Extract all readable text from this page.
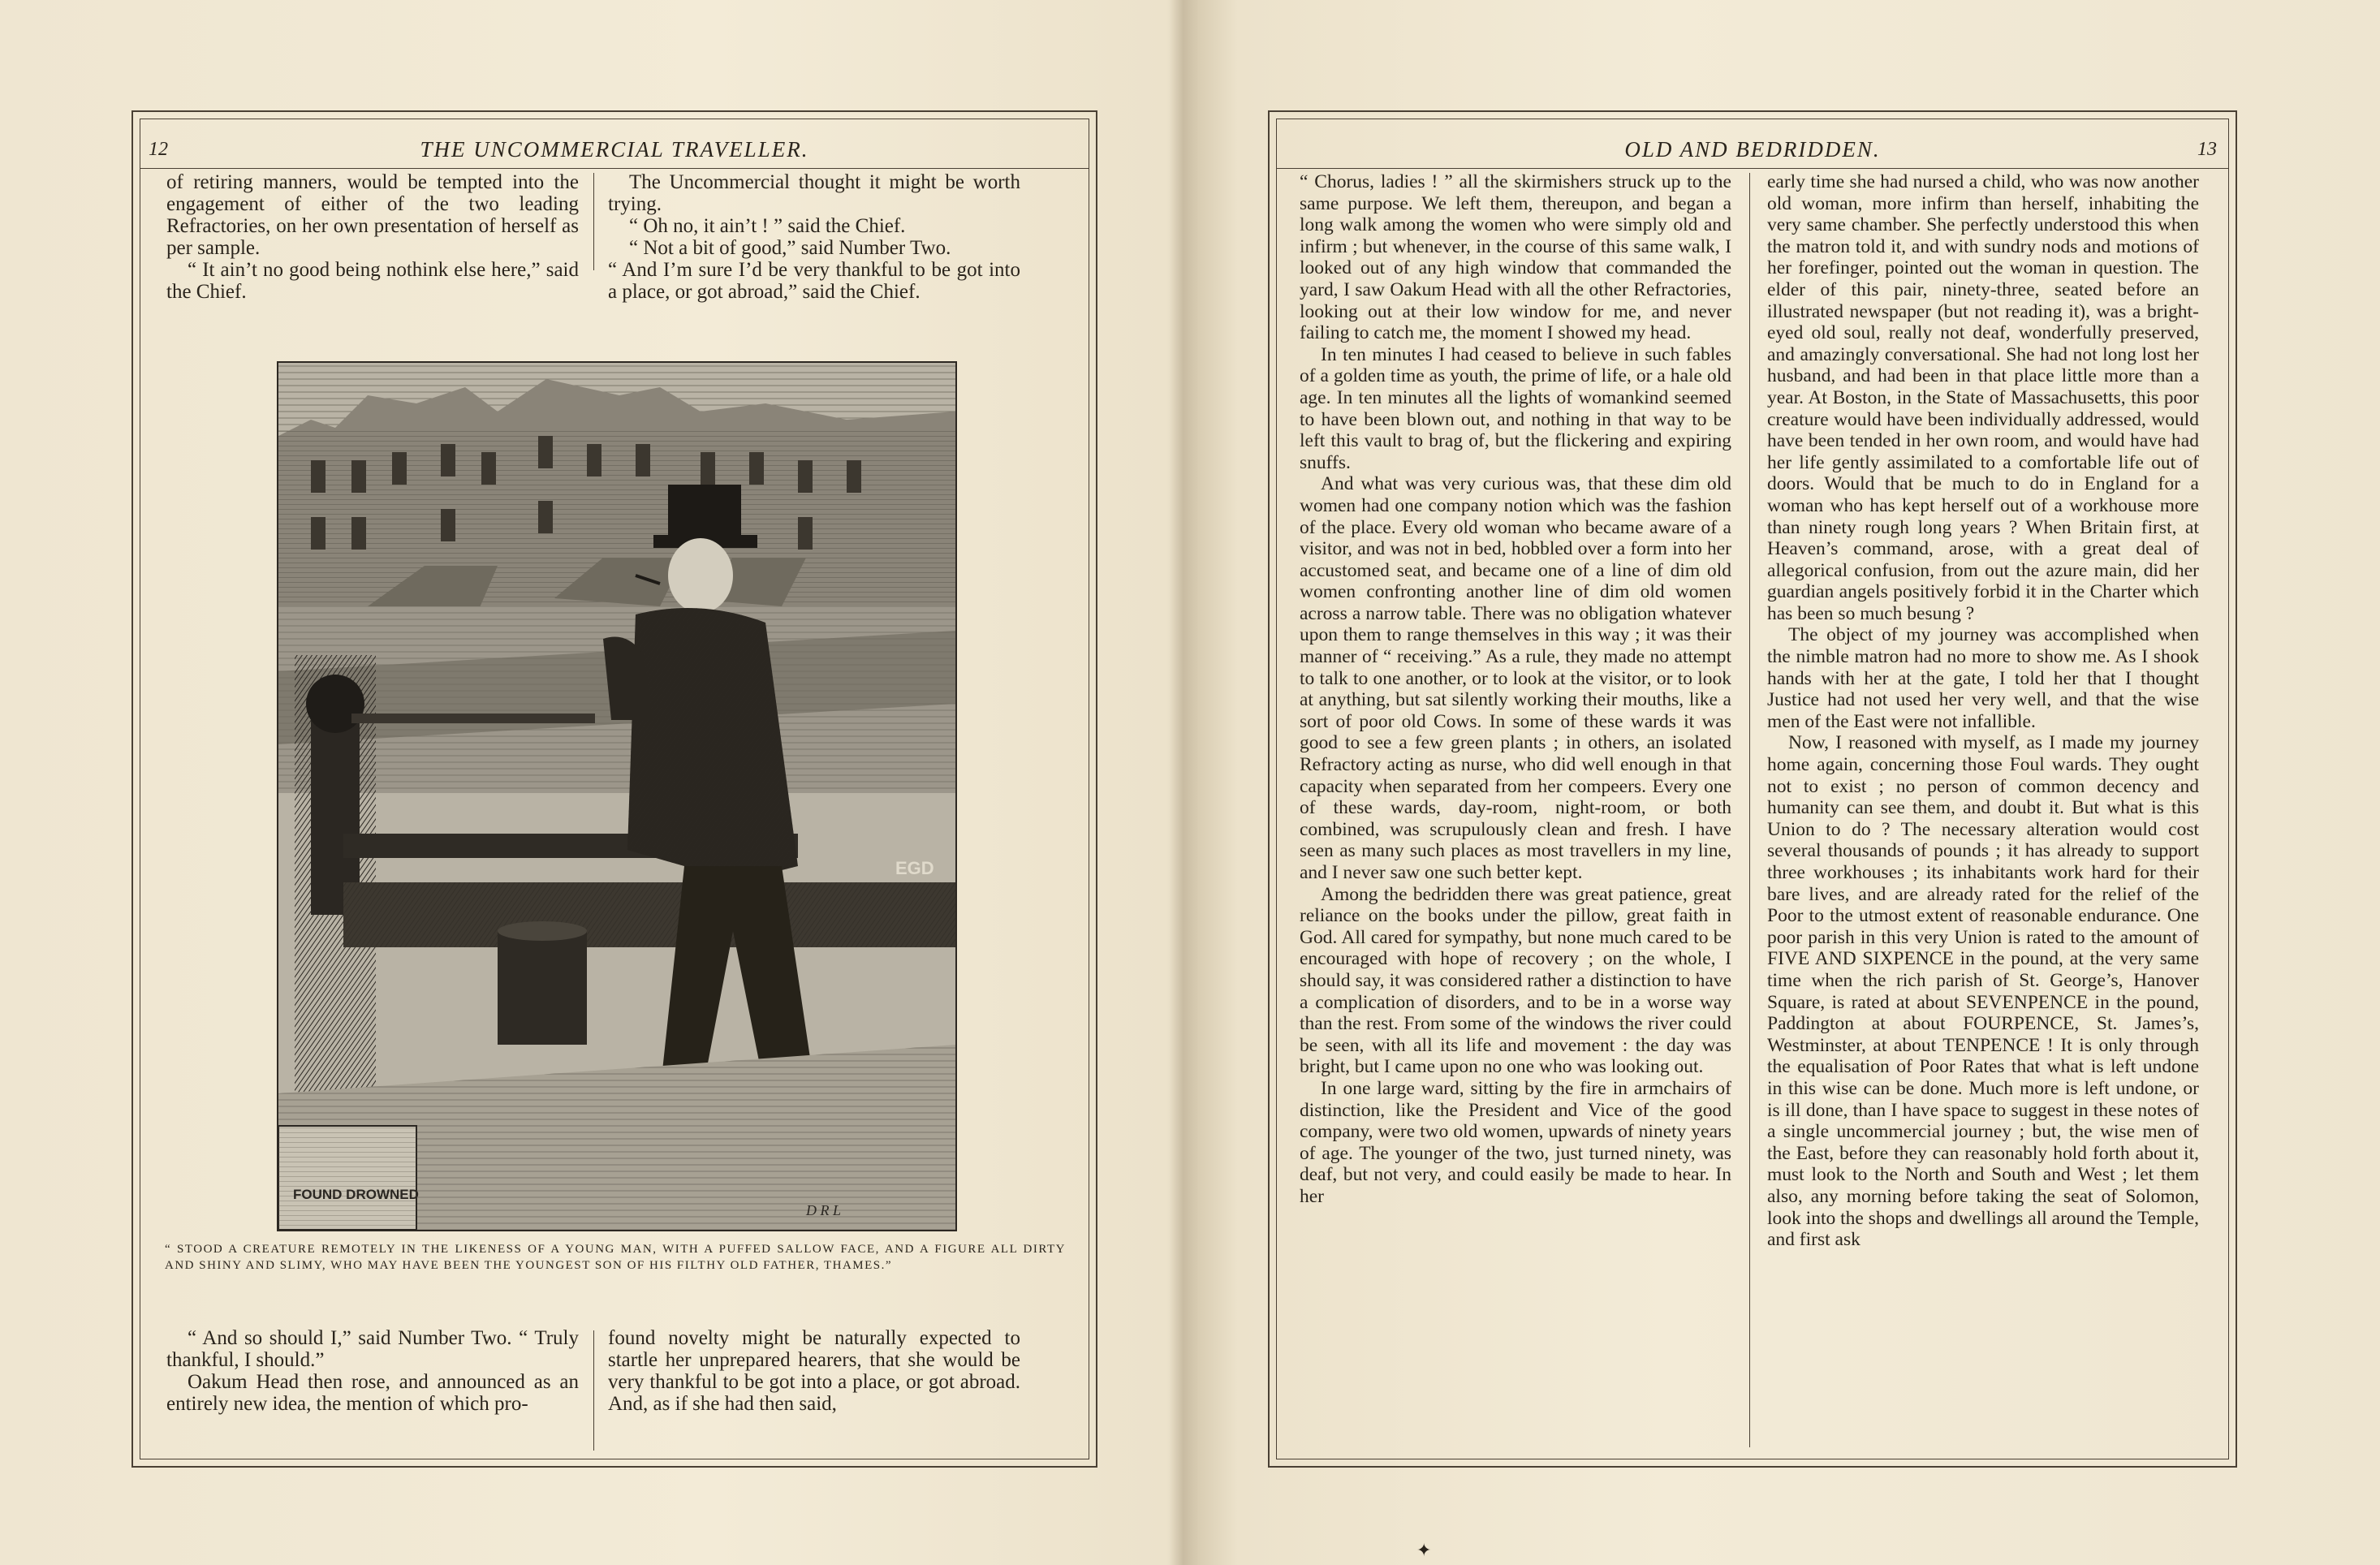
12	THE UNCOMMERCIAL TRAVELLER.

of retiring manners, would be tempted into the engagement of either of the two leading Refractories, on her own presentation of herself as per sample.

“ It ain’t no good being nothink else here,” said the Chief.

The Uncommercial thought it might be worth trying.

“ Oh no, it ain’t ! ” said the Chief.

“ Not a bit of good,” said Number Two.

“ And I’m sure I’d be very thankful to be got into a place, or got abroad,” said the Chief.

FOUND DROWNED
EGD
D R L
“ STOOD A CREATURE REMOTELY IN THE LIKENESS OF A YOUNG MAN, WITH A PUFFED SALLOW FACE, AND A FIGURE ALL DIRTY AND SHINY AND SLIMY, WHO MAY HAVE BEEN THE YOUNGEST SON OF HIS FILTHY OLD FATHER, THAMES.”

“ And so should I,” said Number Two. “ Truly thankful, I should.”

Oakum Head then rose, and announced as an entirely new idea, the mention of which pro-

found novelty might be naturally expected to startle her unprepared hearers, that she would be very thankful to be got into a place, or got abroad. And, as if she had then said,

OLD AND BEDRIDDEN.	13

“ Chorus, ladies ! ” all the skirmishers struck up to the same purpose. We left them, thereupon, and began a long walk among the women who were simply old and infirm ; but whenever, in the course of this same walk, I looked out of any high window that commanded the yard, I saw Oakum Head with all the other Refractories, looking out at their low window for me, and never failing to catch me, the moment I showed my head.

In ten minutes I had ceased to believe in such fables of a golden time as youth, the prime of life, or a hale old age. In ten minutes all the lights of womankind seemed to have been blown out, and nothing in that way to be left this vault to brag of, but the flickering and expiring snuffs.

And what was very curious was, that these dim old women had one company notion which was the fashion of the place. Every old woman who became aware of a visitor, and was not in bed, hobbled over a form into her accustomed seat, and became one of a line of dim old women confronting another line of dim old women across a narrow table. There was no obligation whatever upon them to range themselves in this way ; it was their manner of “ receiving.” As a rule, they made no attempt to talk to one another, or to look at the visitor, or to look at anything, but sat silently working their mouths, like a sort of poor old Cows. In some of these wards it was good to see a few green plants ; in others, an isolated Refractory acting as nurse, who did well enough in that capacity when separated from her compeers. Every one of these wards, day-room, night-room, or both combined, was scrupulously clean and fresh. I have seen as many such places as most travellers in my line, and I never saw one such better kept.

Among the bedridden there was great patience, great reliance on the books under the pillow, great faith in God. All cared for sympathy, but none much cared to be encouraged with hope of recovery ; on the whole, I should say, it was considered rather a distinction to have a complication of disorders, and to be in a worse way than the rest. From some of the windows the river could be seen, with all its life and movement : the day was bright, but I came upon no one who was looking out.

In one large ward, sitting by the fire in armchairs of distinction, like the President and Vice of the good company, were two old women, upwards of ninety years of age. The younger of the two, just turned ninety, was deaf, but not very, and could easily be made to hear. In her

early time she had nursed a child, who was now another old woman, more infirm than herself, inhabiting the very same chamber. She perfectly understood this when the matron told it, and with sundry nods and motions of her forefinger, pointed out the woman in question. The elder of this pair, ninety-three, seated before an illustrated newspaper (but not reading it), was a bright-eyed old soul, really not deaf, wonderfully preserved, and amazingly conversational. She had not long lost her husband, and had been in that place little more than a year. At Boston, in the State of Massachusetts, this poor creature would have been individually addressed, would have been tended in her own room, and would have had her life gently assimilated to a comfortable life out of doors. Would that be much to do in England for a woman who has kept herself out of a workhouse more than ninety rough long years ? When Britain first, at Heaven’s command, arose, with a great deal of allegorical confusion, from out the azure main, did her guardian angels positively forbid it in the Charter which has been so much besung ?

The object of my journey was accomplished when the nimble matron had no more to show me. As I shook hands with her at the gate, I told her that I thought Justice had not used her very well, and that the wise men of the East were not infallible.

Now, I reasoned with myself, as I made my journey home again, concerning those Foul wards. They ought not to exist ; no person of common decency and humanity can see them, and doubt it. But what is this Union to do ? The necessary alteration would cost several thousands of pounds ; it has already to support three workhouses ; its inhabitants work hard for their bare lives, and are already rated for the relief of the Poor to the utmost extent of reasonable endurance. One poor parish in this very Union is rated to the amount of FIVE AND SIXPENCE in the pound, at the very same time when the rich parish of St. George’s, Hanover Square, is rated at about SEVENPENCE in the pound, Paddington at about FOURPENCE, St. James’s, Westminster, at about TENPENCE ! It is only through the equalisation of Poor Rates that what is left undone in this wise can be done. Much more is left undone, or is ill done, than I have space to suggest in these notes of a single uncommercial journey ; but, the wise men of the East, before they can reasonably hold forth about it, must look to the North and South and West ; let them also, any morning before taking the seat of Solomon, look into the shops and dwellings all around the Temple, and first ask

✦
